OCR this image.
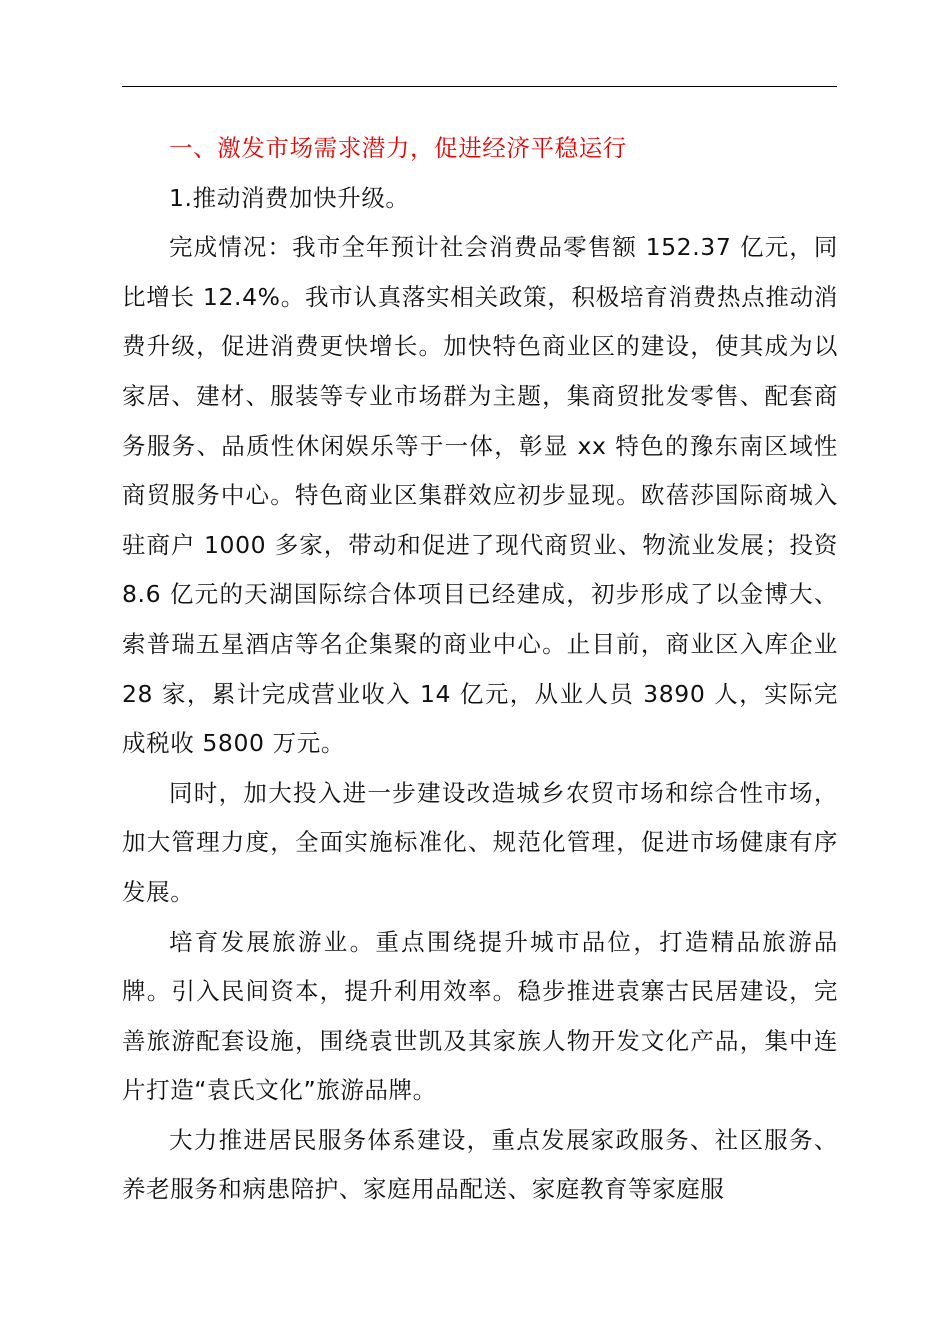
一、激发市场需求潜力，促进经济平稳运行

1.推动消费加快升级。

完成情况：我市全年预计社会消费品零售额 152.37 亿元，同比增长 12.4%。我市认真落实相关政策，积极培育消费热点推动消费升级，促进消费更快增长。加快特色商业区的建设，使其成为以家居、建材、服装等专业市场群为主题，集商贸批发零售、配套商务服务、品质性休闲娱乐等于一体，彰显 xx 特色的豫东南区域性商贸服务中心。特色商业区集群效应初步显现。欧蓓莎国际商城入驻商户 1000 多家，带动和促进了现代商贸业、物流业发展；投资 8.6 亿元的天湖国际综合体项目已经建成，初步形成了以金博大、索普瑞五星酒店等名企集聚的商业中心。止目前，商业区入库企业 28 家，累计完成营业收入 14 亿元，从业人员 3890 人，实际完成税收 5800 万元。

同时，加大投入进一步建设改造城乡农贸市场和综合性市场，加大管理力度，全面实施标准化、规范化管理，促进市场健康有序发展。

培育发展旅游业。重点围绕提升城市品位，打造精品旅游品牌。引入民间资本，提升利用效率。稳步推进袁寨古民居建设，完善旅游配套设施，围绕袁世凯及其家族人物开发文化产品，集中连片打造“袁氏文化”旅游品牌。

大力推进居民服务体系建设，重点发展家政服务、社区服务、养老服务和病患陪护、家庭用品配送、家庭教育等家庭服
